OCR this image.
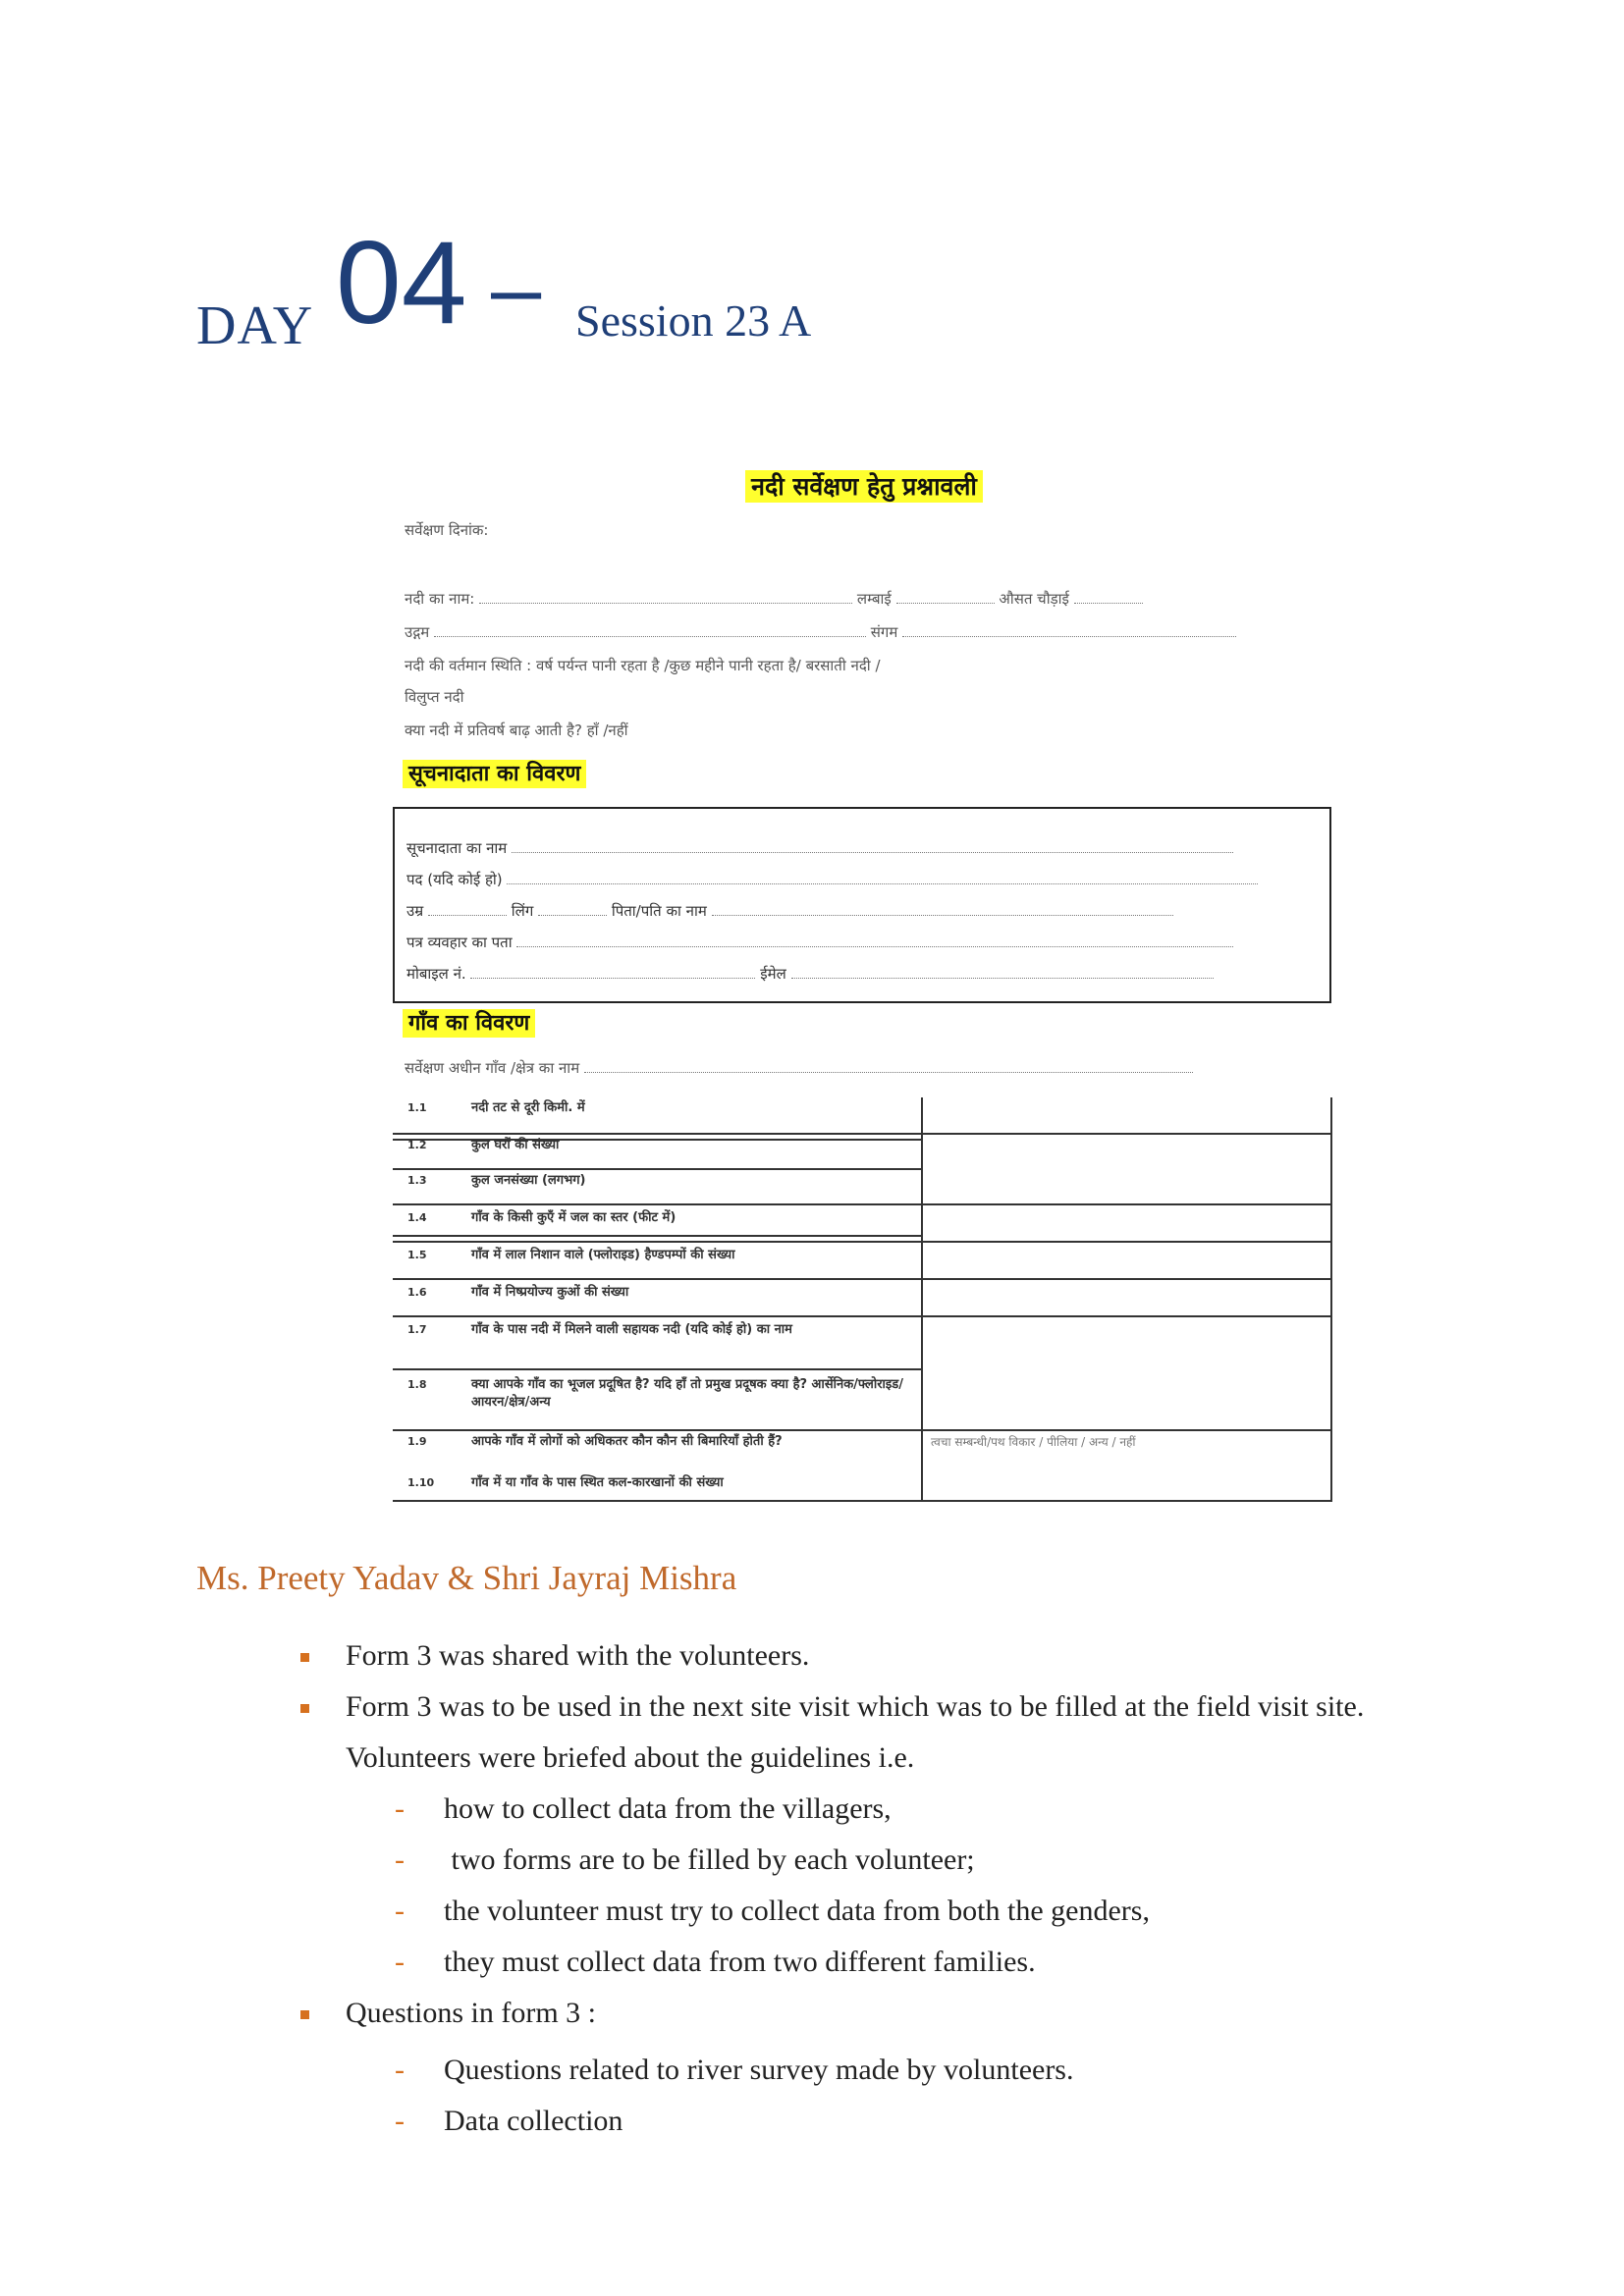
DAY 04 – Session 23 A
नदी सर्वेक्षण हेतु प्रश्नावली
सर्वेक्षण दिनांक:
नदी का नाम:	लम्बाई	औसत चौड़ाई
उद्गम	संगम
नदी की वर्तमान स्थिति : वर्ष पर्यन्त पानी रहता है /कुछ महीने पानी रहता है/ बरसाती नदी /
विलुप्त नदी
क्या नदी में प्रतिवर्ष बाढ़ आती है? हाँ /नहीं
सूचनादाता का विवरण
सूचनादाता का नाम
पद (यदि कोई हो)
उम्र	लिंग	पिता/पति का नाम
पत्र व्यवहार का पता
मोबाइल नं.	ईमेल
गाँव का विवरण
सर्वेक्षण अधीन गाँव /क्षेत्र का नाम
1.1	नदी तट से दूरी किमी. में
1.2	कुल घरों की संख्या
1.3	कुल जनसंख्या (लगभग)
1.4	गाँव के किसी कुएँ में जल का स्तर (फीट में)
1.5	गाँव में लाल निशान वाले (फ्लोराइड) हैण्डपम्पों की संख्या
1.6	गाँव में निष्प्रयोज्य कुओं की संख्या
1.7	गाँव के पास नदी में मिलने वाली सहायक नदी (यदि कोई हो) का नाम
1.8	क्या आपके गाँव का भूजल प्रदूषित है? यदि हाँ तो प्रमुख प्रदूषक क्या है? आर्सेनिक/फ्लोराइड/आयरन/क्षेत्र/अन्य
1.9	आपके गाँव में लोगों को अधिकतर कौन कौन सी बिमारियाँ होती हैं?	त्वचा सम्बन्धी/पथ विकार / पीलिया / अन्य / नहीं
1.10	गाँव में या गाँव के पास स्थित कल-कारखानों की संख्या
Ms. Preety Yadav & Shri Jayraj Mishra
Form 3 was shared with the volunteers.
Form 3 was to be used in the next site visit which was to be filled at the field visit site.
Volunteers were briefed about the guidelines i.e.
- how to collect data from the villagers,
- two forms are to be filled by each volunteer;
- the volunteer must try to collect data from both the genders,
- they must collect data from two different families.
Questions in form 3 :
- Questions related to river survey made by volunteers.
- Data collection
